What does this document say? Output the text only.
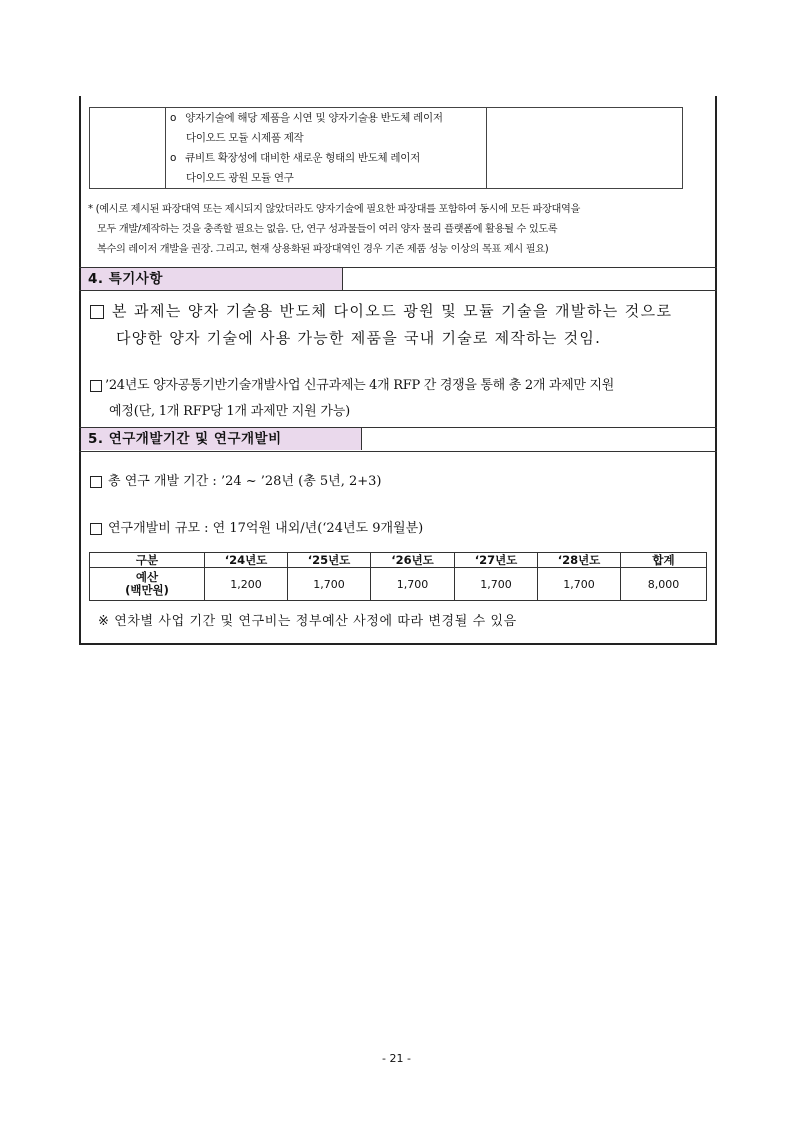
o 양자기술에 해당 제품을 시연 및 양자기술용 반도체 레이저
다이오드 모듈 시제품 제작
o 큐비트 확장성에 대비한 새로운 형태의 반도체 레이저
다이오드 광원 모듈 연구

* (예시로 제시된 파장대역 또는 제시되지 않았더라도 양자기술에 필요한 파장대를 포함하여 동시에 모든 파장대역을
모두 개발/제작하는 것을 충족할 필요는 없음. 단, 연구 성과물들이 여러 양자 물리 플랫폼에 활용될 수 있도록
복수의 레이저 개발을 권장. 그리고, 현재 상용화된 파장대역인 경우 기존 제품 성능 이상의 목표 제시 필요)
4. 특기사항
본 과제는 양자 기술용 반도체 다이오드 광원 및 모듈 기술을 개발하는 것으로
다양한 양자 기술에 사용 가능한 제품을 국내 기술로 제작하는 것임.
’24년도 양자공통기반기술개발사업 신규과제는 4개 RFP 간 경쟁을 통해 총 2개 과제만 지원
예정(단, 1개 RFP당 1개 과제만 지원 가능)
5. 연구개발기간 및 연구개발비
총 연구 개발 기간 : ’24 ~ ’28년 (총 5년, 2+3)
연구개발비 규모 : 연 17억원 내외/년(‘24년도 9개월분)
구분	‘24년도	‘25년도	‘26년도	‘27년도	‘28년도	합계

예산
(백만원)	1,200	1,700	1,700	1,700	1,700	8,000
※ 연차별 사업 기간 및 연구비는 정부예산 사정에 따라 변경될 수 있음
- 21 -
